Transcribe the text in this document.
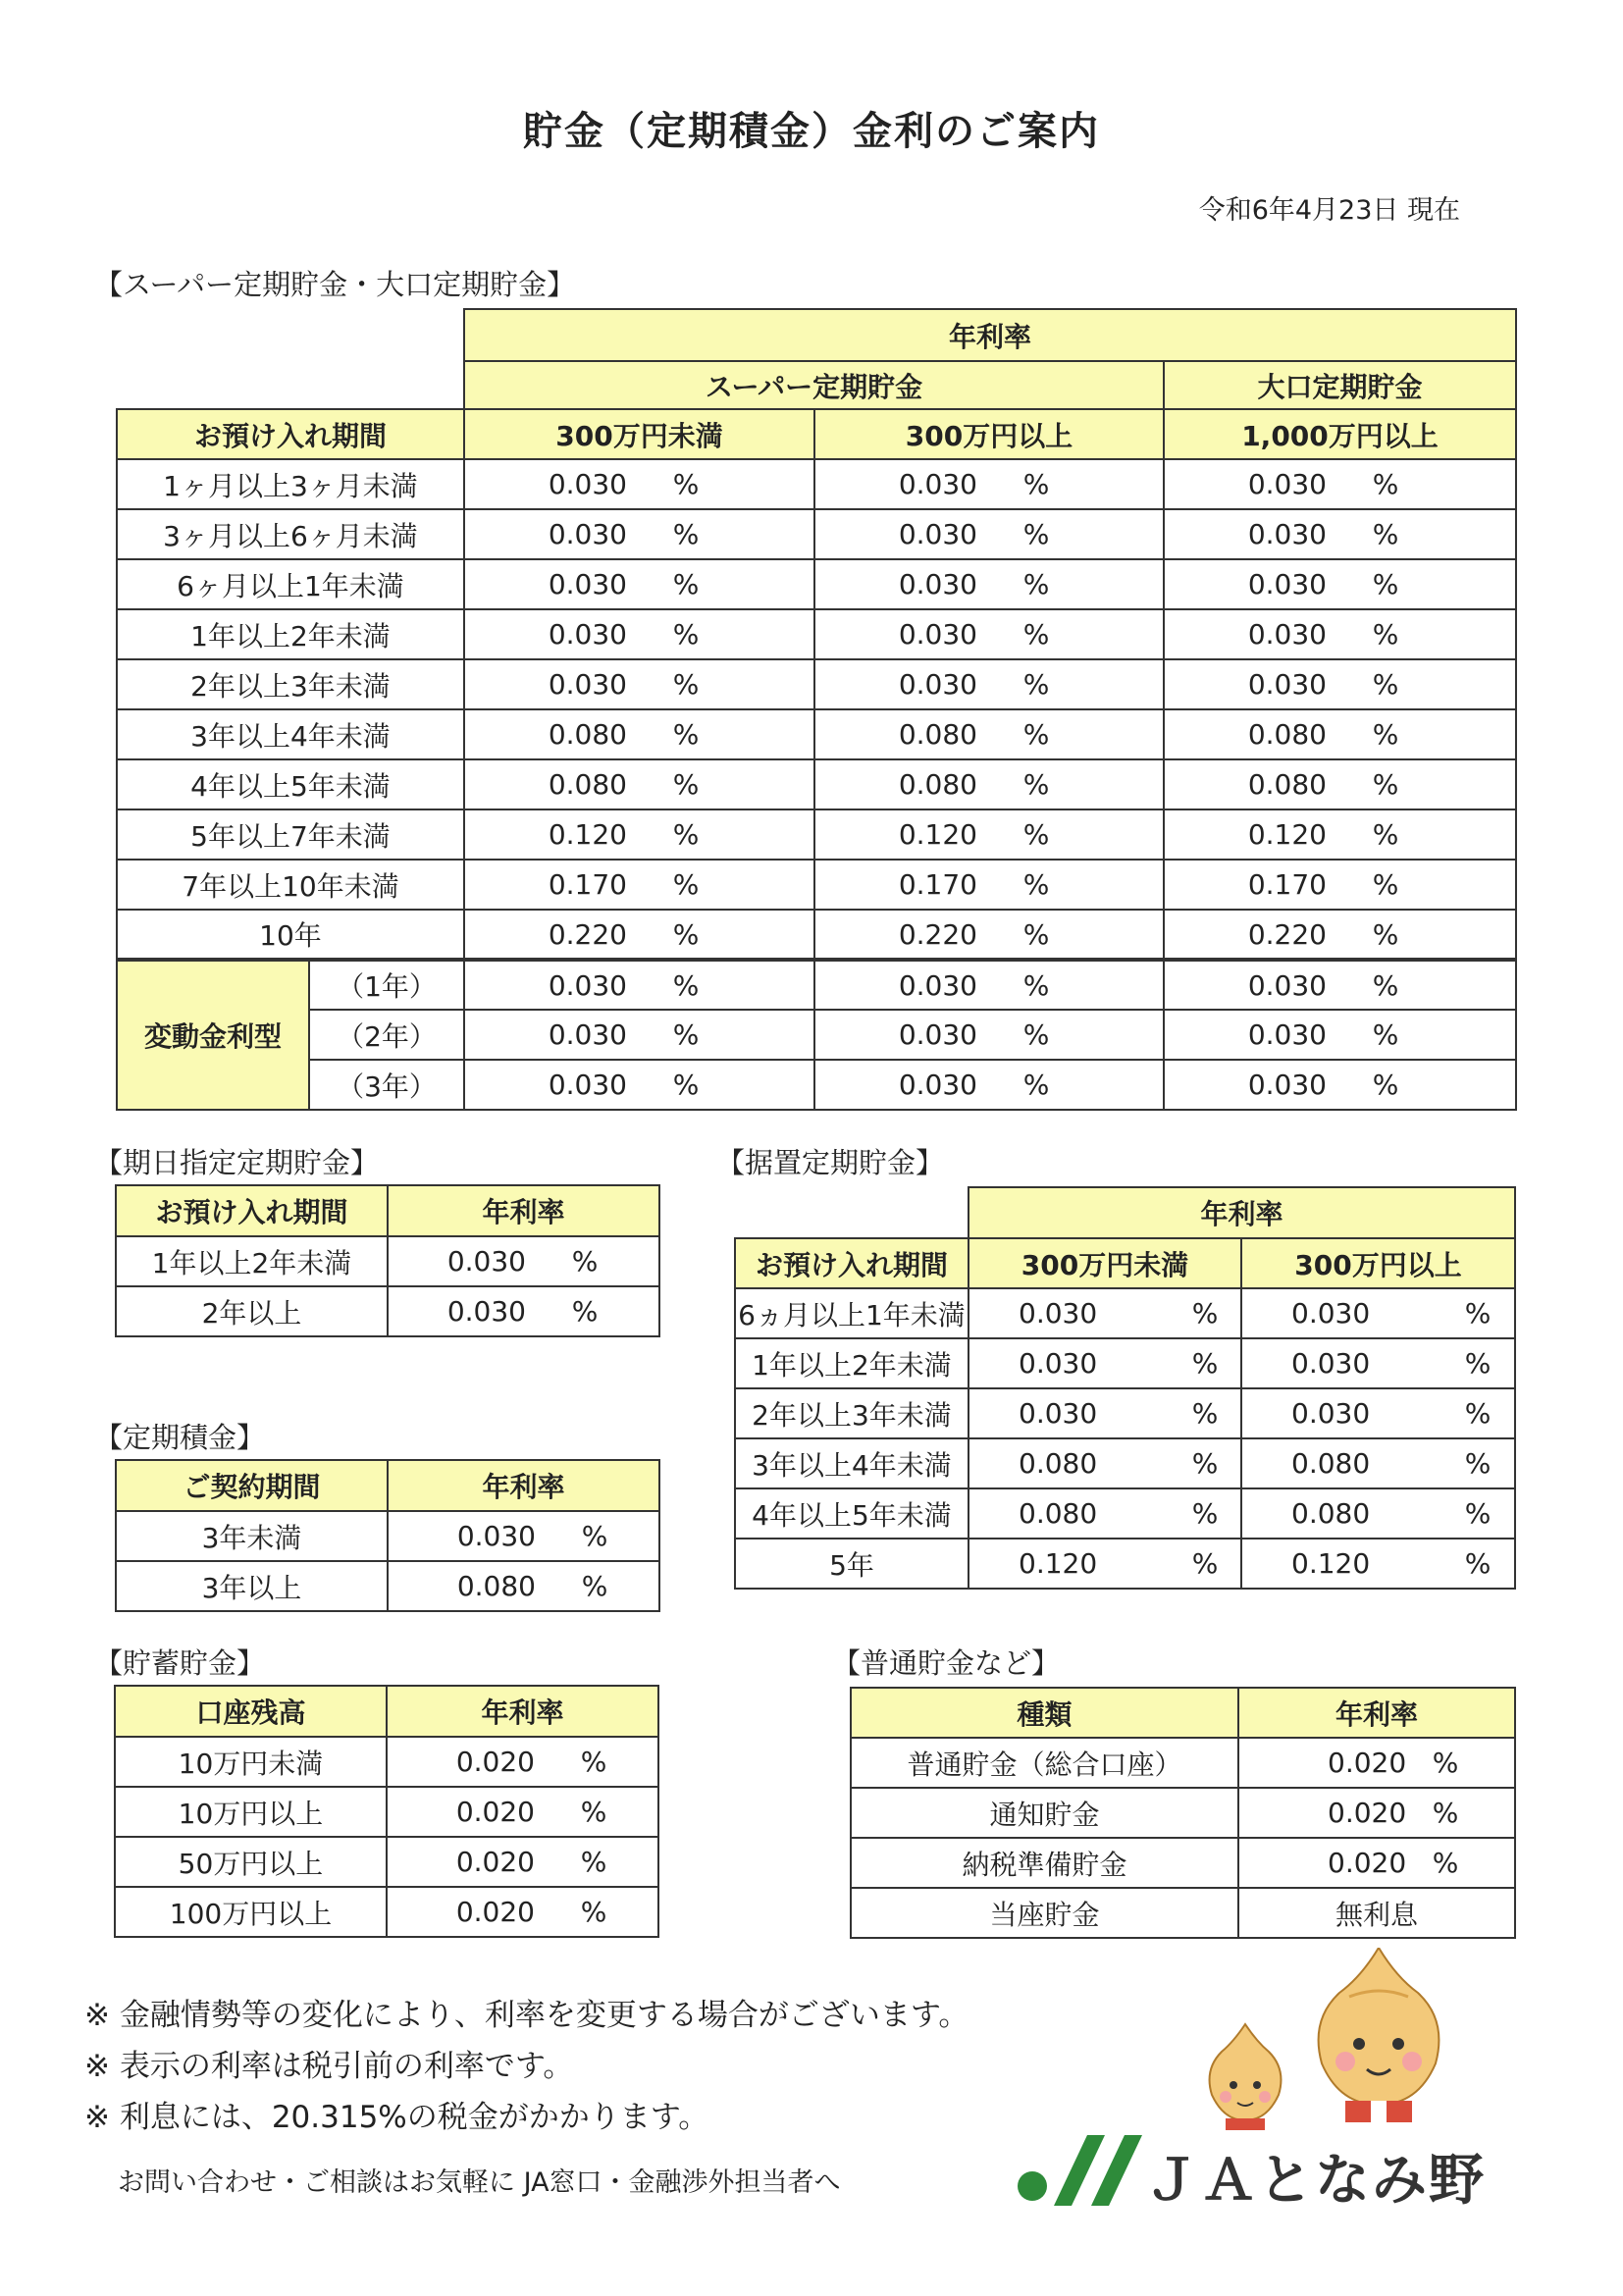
貯金（定期積金）金利のご案内
令和6年4月23日 現在
【スーパー定期貯金・大口定期貯金】
		年利率		
		スーパー定期貯金		大口定期貯金
お預け入れ期間		300万円未満	300万円以上	1,000万円以上
1ヶ月以上3ヶ月未満		0.030 %	0.030 %	0.030 %
3ヶ月以上6ヶ月未満		0.030 %	0.030 %	0.030 %
6ヶ月以上1年未満		0.030 %	0.030 %	0.030 %
1年以上2年未満		0.030 %	0.030 %	0.030 %
2年以上3年未満		0.030 %	0.030 %	0.030 %
3年以上4年未満		0.080 %	0.080 %	0.080 %
4年以上5年未満		0.080 %	0.080 %	0.080 %
5年以上7年未満		0.120 %	0.120 %	0.120 %
7年以上10年未満		0.170 %	0.170 %	0.170 %
10年		0.220 %	0.220 %	0.220 %
変動金利型	（1年）	0.030 %	0.030 %	0.030 %
	（2年）	0.030 %	0.030 %	0.030 %
	（3年）	0.030 %	0.030 %	0.030 %
【期日指定定期貯金】
お預け入れ期間	年利率
1年以上2年未満	0.030 %
2年以上	0.030 %
【定期積金】
ご契約期間	年利率
3年未満	0.030 %
3年以上	0.080 %
【据置定期貯金】
	年利率	
お預け入れ期間	300万円未満	300万円以上
6ヵ月以上1年未満	0.030 %	0.030 %
1年以上2年未満	0.030 %	0.030 %
2年以上3年未満	0.030 %	0.030 %
3年以上4年未満	0.080 %	0.080 %
4年以上5年未満	0.080 %	0.080 %
5年	0.120 %	0.120 %
【貯蓄貯金】
口座残高	年利率
10万円未満	0.020 %
10万円以上	0.020 %
50万円以上	0.020 %
100万円以上	0.020 %
【普通貯金など】
種類	年利率
普通貯金（総合口座）	0.020 %
通知貯金	0.020 %
納税準備貯金	0.020 %
当座貯金	無利息
※ 金融情勢等の変化により、利率を変更する場合がございます。
※ 表示の利率は税引前の利率です。
※ 利息には、20.315%の税金がかかります。
お問い合わせ・ご相談はお気軽に JA窓口・金融渉外担当者へ	ＪＡとなみ野
